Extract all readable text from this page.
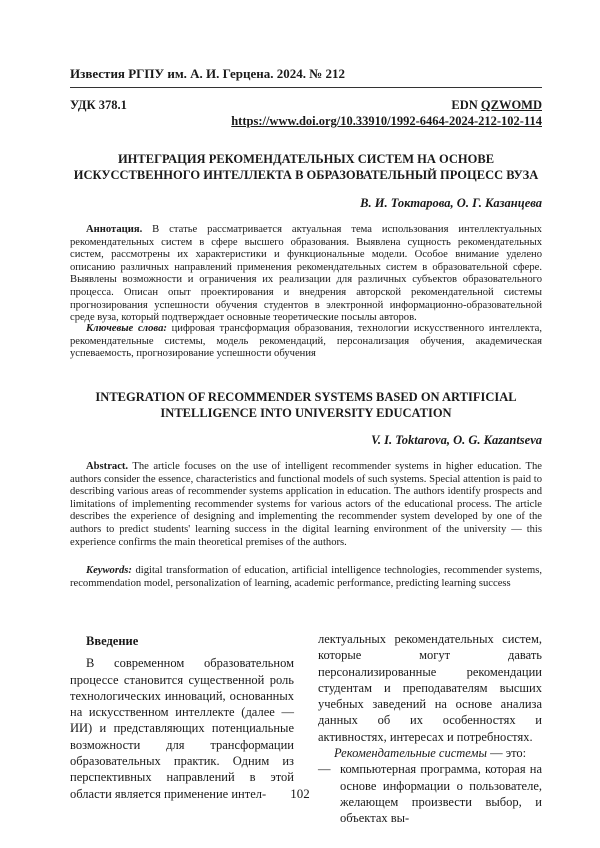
Известия РГПУ им. А. И. Герцена. 2024. № 212
УДК 378.1	EDN QZWOMD
https://www.doi.org/10.33910/1992-6464-2024-212-102-114
ИНТЕГРАЦИЯ РЕКОМЕНДАТЕЛЬНЫХ СИСТЕМ НА ОСНОВЕ
ИСКУССТВЕННОГО ИНТЕЛЛЕКТА В ОБРАЗОВАТЕЛЬНЫЙ ПРОЦЕСС ВУЗА
В. И. Токтарова, О. Г. Казанцева
Аннотация. В статье рассматривается актуальная тема использования интеллектуальных рекомендательных систем в сфере высшего образования. Выявлена сущность рекомендательных систем, рассмотрены их характеристики и функциональные модели. Особое внимание уделено описанию различных направлений применения рекомендательных систем в образовательной сфере. Выявлены возможности и ограничения их реализации для различных субъектов образовательного процесса. Описан опыт проектирования и внедрения авторской рекомендательной системы прогнозирования успешности обучения студентов в электронной информационно-образовательной среде вуза, который подтверждает основные теоретические посылы авторов.
Ключевые слова: цифровая трансформация образования, технологии искусственного интеллекта, рекомендательные системы, модель рекомендаций, персонализация обучения, академическая успеваемость, прогнозирование успешности обучения
INTEGRATION OF RECOMMENDER SYSTEMS BASED ON ARTIFICIAL
INTELLIGENCE INTO UNIVERSITY EDUCATION
V. I. Toktarova, O. G. Kazantseva
Abstract. The article focuses on the use of intelligent recommender systems in higher education. The authors consider the essence, characteristics and functional models of such systems. Special attention is paid to describing various areas of recommender systems application in education. The authors identify prospects and limitations of implementing recommender systems for various actors of the educational process. The article describes the experience of designing and implementing the recommender system developed by one of the authors to predict students' learning success in the digital learning environment of the university — this experience confirms the main theoretical premises of the authors.
Keywords: digital transformation of education, artificial intelligence technologies, recommender systems, recommendation model, personalization of learning, academic performance, predicting learning success
Введение

В современном образовательном процессе становится существенной роль технологических инноваций, основанных на искусственном интеллекте (далее — ИИ) и представляющих потенциальные возможности для трансформации образовательных практик. Одним из перспективных направлений в этой области является применение интел-

лектуальных рекомендательных систем, которые могут давать персонализированные рекомендации студентам и преподавателям высших учебных заведений на основе анализа данных об их особенностях и активностях, интересах и потребностях.

Рекомендательные системы — это:

— компьютерная программа, которая на основе информации о пользователе, желающем произвести выбор, и объектах вы-
102
